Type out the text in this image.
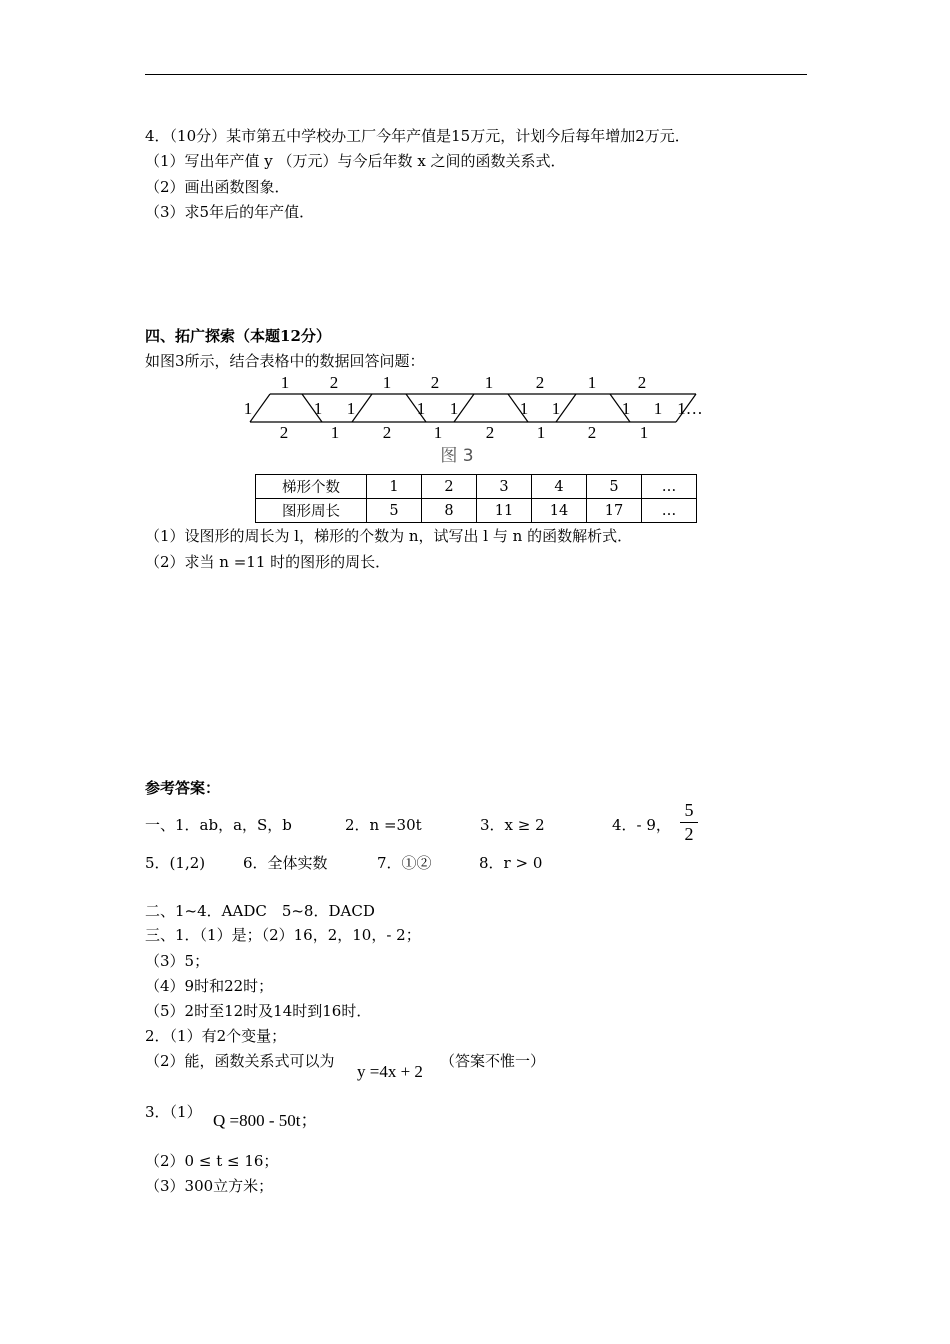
4．（10分）某市第五中学校办工厂今年产值是15万元，计划今后每年增加2万元．
（1）写出年产值 y （万元）与今后年数 x 之间的函数关系式．
（2）画出函数图象．
（3）求5年后的年产值．
四、拓广探索（本题12分）
如图3所示，结合表格中的数据回答问题：
1 2	1 2	1	2	1 2
1	1 1	1 1	1 1	1 1 1…
2	1	2	1	2	1	2	1
图 3
梯形个数	1	2	3	4	5	…
图形周长	5	8	11	14	17	…
（1）设图形的周长为 l，梯形的个数为 n，试写出 l 与 n 的函数解析式．
（2）求当 n =11 时的图形的周长．
参考答案：
一、1．ab，a，S，b	2．n =30t	3．x ≥ 2	4．- 9，
5
2
5．(1,2)	6．全体实数	7．①②	8．r > 0
二、1~4．AADC　5~8．DACD
三、1．（1）是；（2）16，2，10，- 2；
（3）5；
（4）9时和22时；
（5）2时至12时及14时到16时．
2．（1）有2个变量；
（2）能，函数关系式可以为
y =4x + 2
（答案不惟一）
3．（1） Q =800 - 50t；
（2）0 ≤ t ≤ 16；
（3）300立方米；
